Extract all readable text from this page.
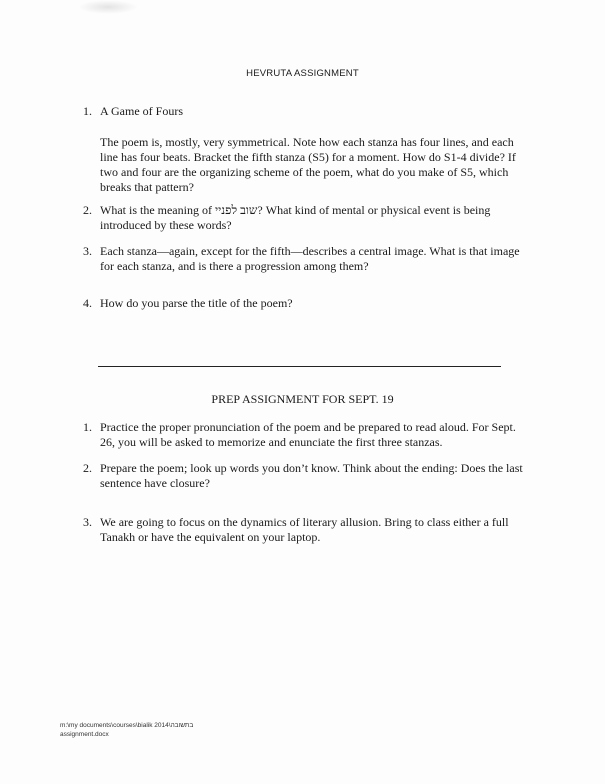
HEVRUTA ASSIGNMENT
1. A Game of Fours
The poem is, mostly, very symmetrical. Note how each stanza has four lines, and each
line has four beats. Bracket the fifth stanza (S5) for a moment. How do S1-4 divide? If
two and four are the organizing scheme of the poem, what do you make of S5, which
breaks that pattern?
2. What is the meaning of שוב לפניי? What kind of mental or physical event is being
introduced by these words?
3. Each stanza—again, except for the fifth—describes a central image. What is that image
for each stanza, and is there a progression among them?
4. How do you parse the title of the poem?
PREP ASSIGNMENT FOR SEPT. 19
1. Practice the proper pronunciation of the poem and be prepared to read aloud. For Sept.
26, you will be asked to memorize and enunciate the first three stanzas.
2. Prepare the poem; look up words you don’t know. Think about the ending: Does the last
sentence have closure?
3. We are going to focus on the dynamics of literary allusion. Bring to class either a full
Tanakh or have the equivalent on your laptop.
m:\my documents\courses\bialik 2014\בתשובה
assignment.docx
